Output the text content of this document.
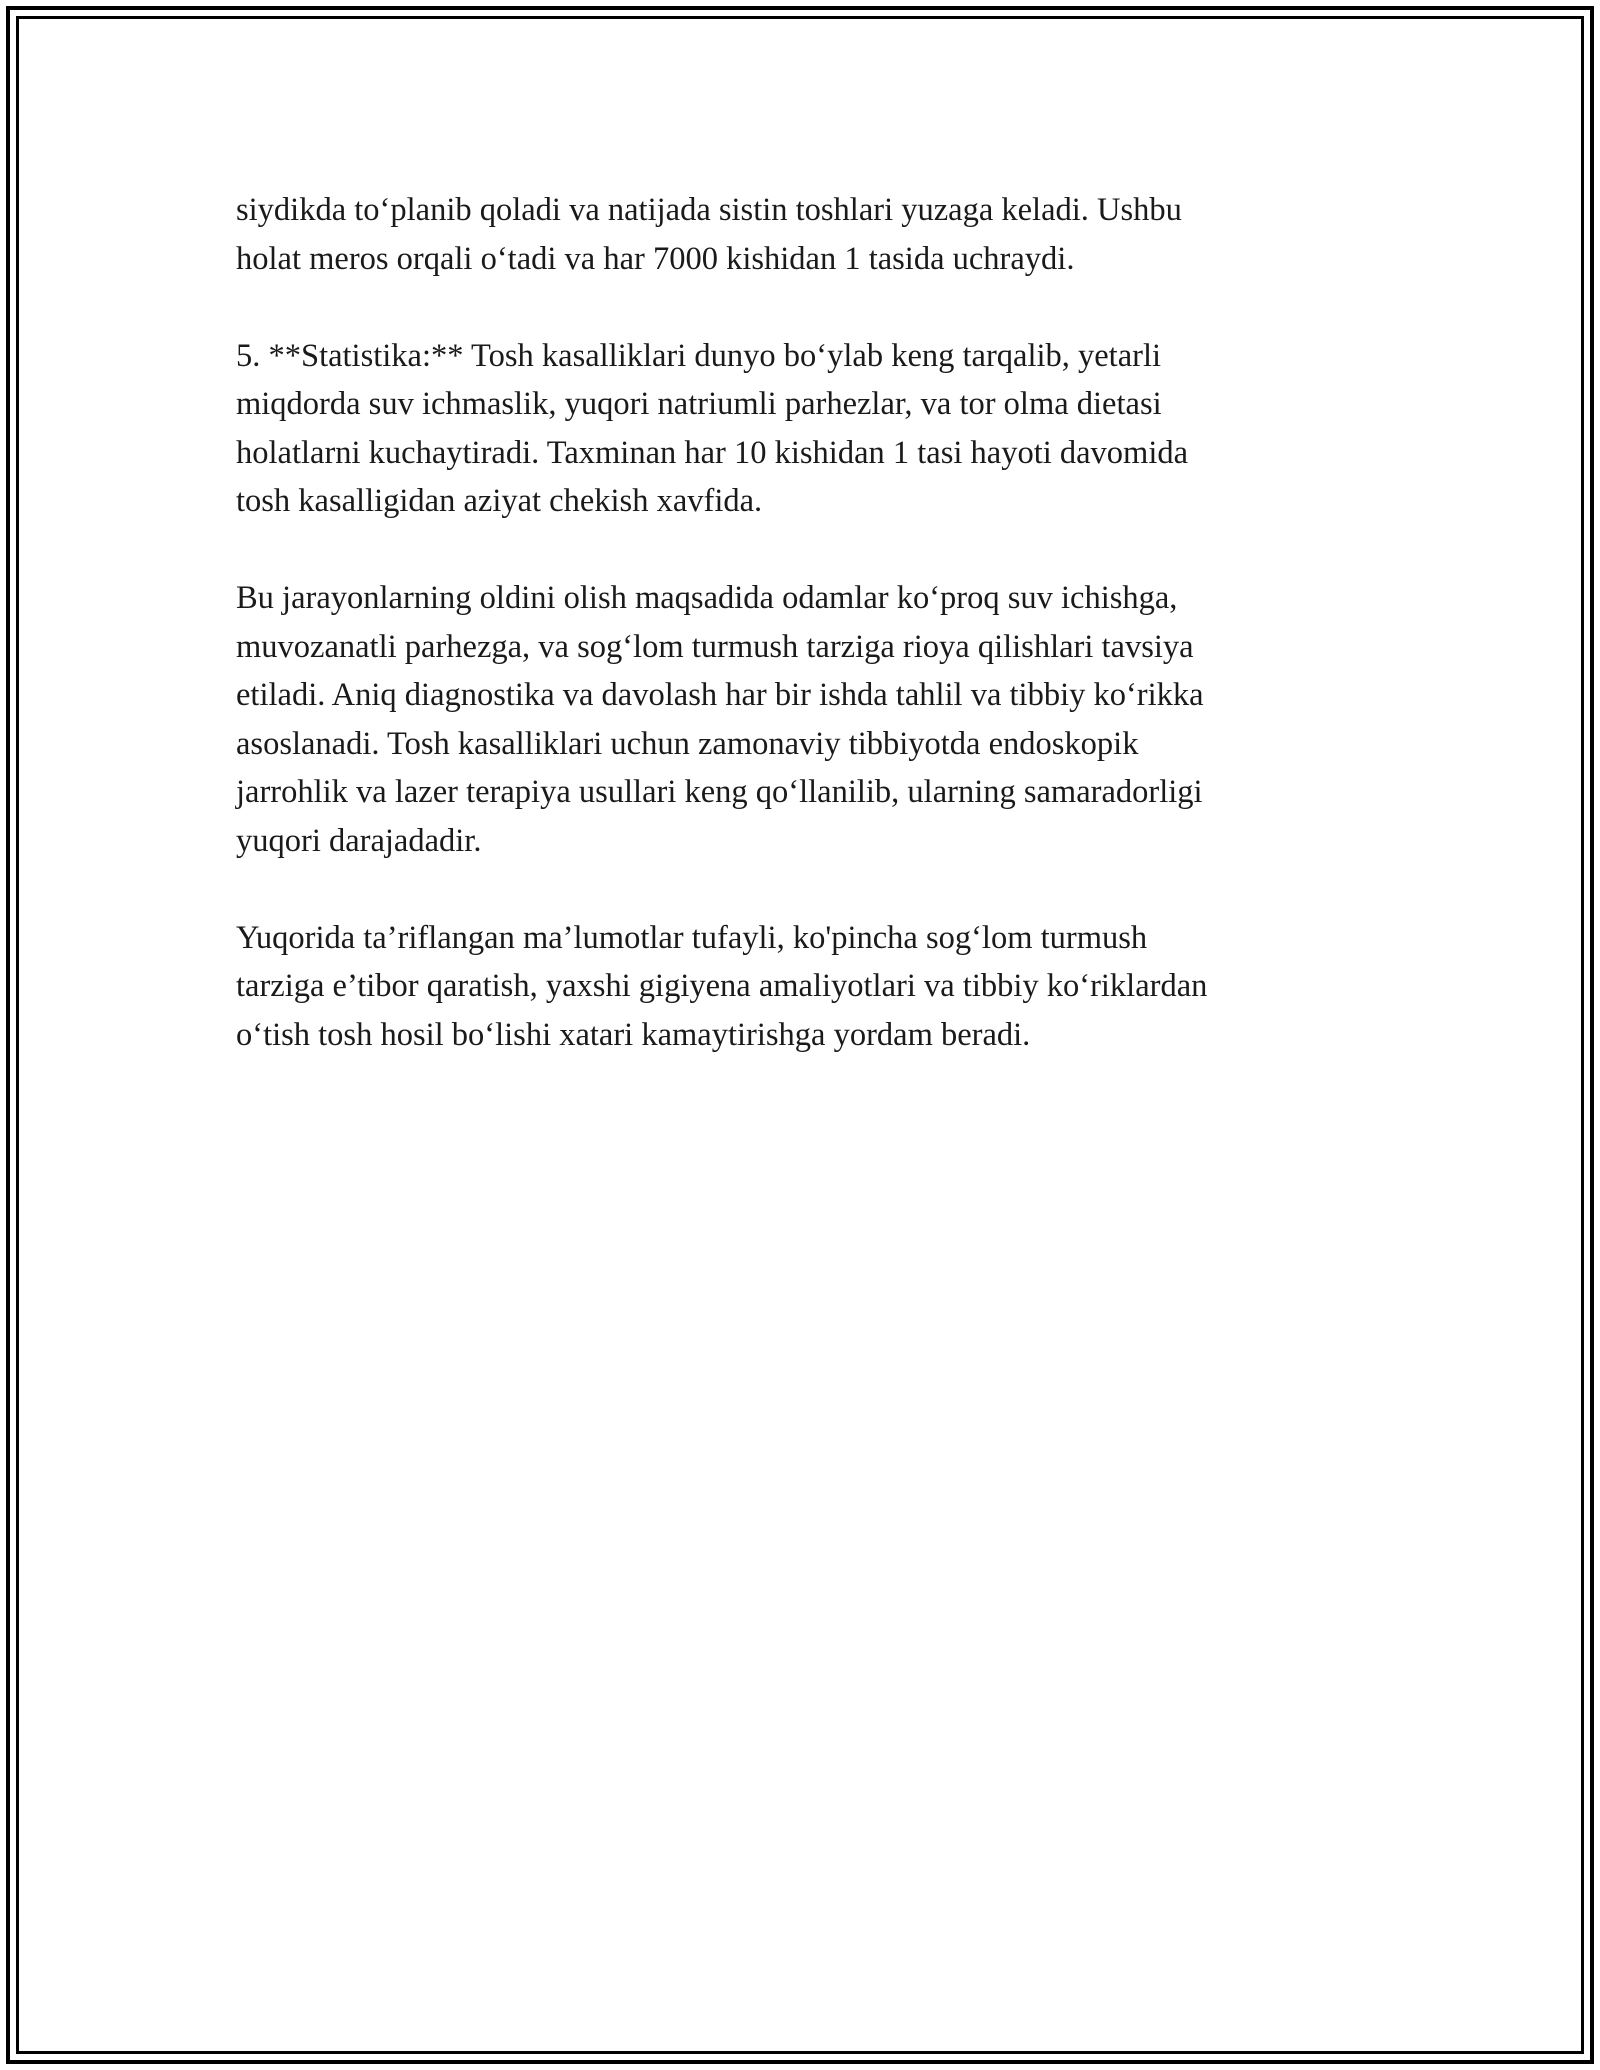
siydikda to‘planib qoladi va natijada sistin toshlari yuzaga keladi. Ushbu
holat meros orqali o‘tadi va har 7000 kishidan 1 tasida uchraydi.

5. **Statistika:** Tosh kasalliklari dunyo bo‘ylab keng tarqalib, yetarli
miqdorda suv ichmaslik, yuqori natriumli parhezlar, va tor olma dietasi
holatlarni kuchaytiradi. Taxminan har 10 kishidan 1 tasi hayoti davomida
tosh kasalligidan aziyat chekish xavfida.

Bu jarayonlarning oldini olish maqsadida odamlar ko‘proq suv ichishga,
muvozanatli parhezga, va sog‘lom turmush tarziga rioya qilishlari tavsiya
etiladi. Aniq diagnostika va davolash har bir ishda tahlil va tibbiy ko‘rikka
asoslanadi. Tosh kasalliklari uchun zamonaviy tibbiyotda endoskopik
jarrohlik va lazer terapiya usullari keng qo‘llanilib, ularning samaradorligi
yuqori darajadadir.

Yuqorida ta’riflangan ma’lumotlar tufayli, ko'pincha sog‘lom turmush
tarziga e’tibor qaratish, yaxshi gigiyena amaliyotlari va tibbiy ko‘riklardan
o‘tish tosh hosil bo‘lishi xatari kamaytirishga yordam beradi.
